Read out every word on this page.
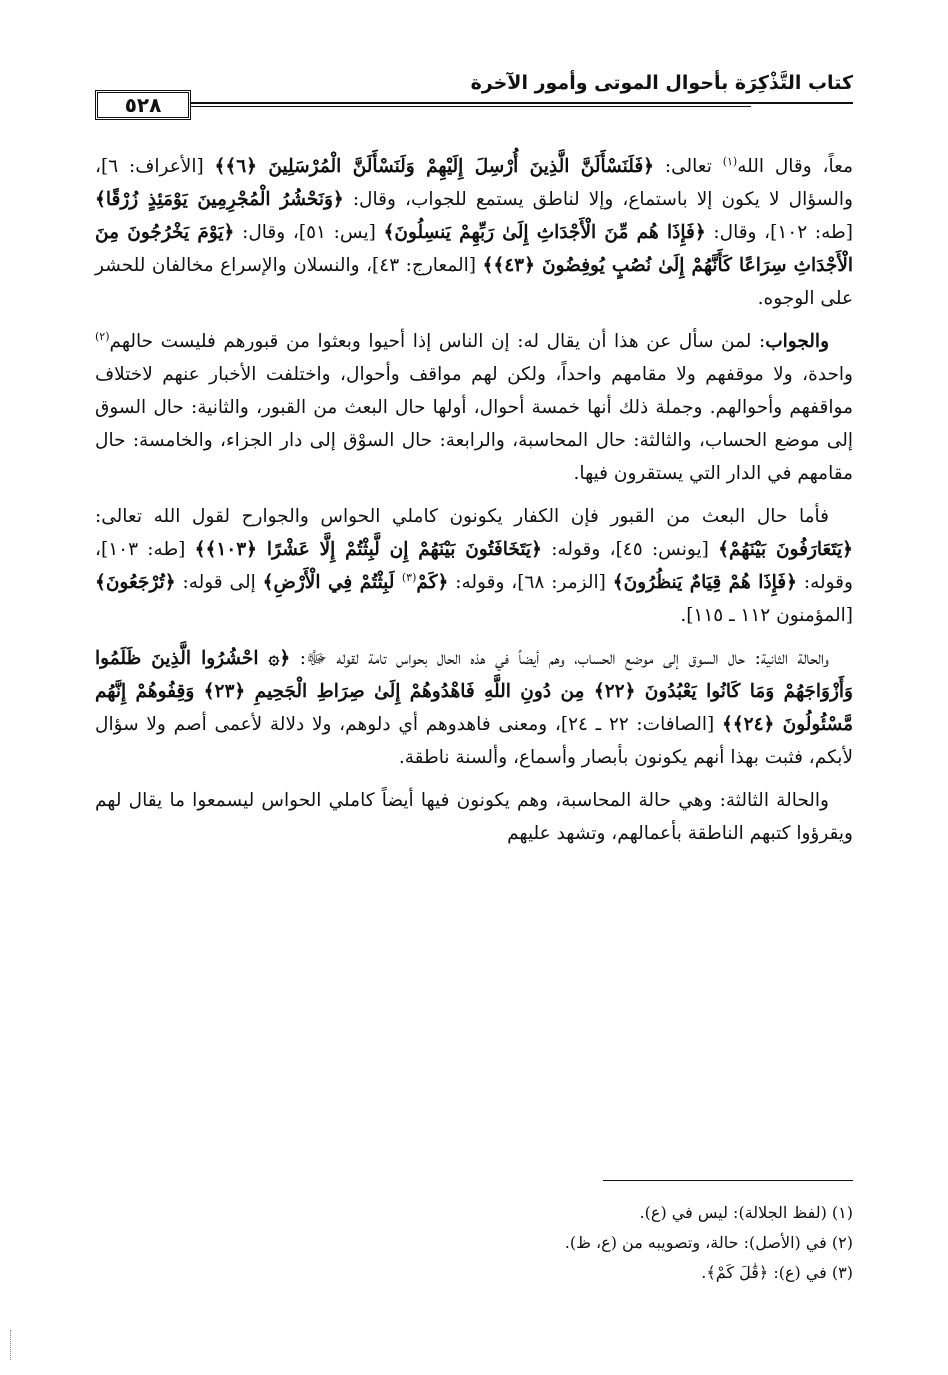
كتاب التَّذْكِرَة بأحوال الموتى وأمور الآخرة
٥٢٨

معاً، وقال الله$^{(١)}$ تعالى: ﴿فَلَنَسْأَلَنَّ الَّذِينَ أُرْسِلَ إِلَيْهِمْ وَلَنَسْأَلَنَّ الْمُرْسَلِينَ ﴿٦﴾﴾ [الأعراف: ٦]، والسؤال لا يكون إلا باستماع، وإلا لناطق يستمع للجواب، وقال: ﴿وَنَحْشُرُ الْمُجْرِمِينَ يَوْمَئِذٍ زُرْقًا﴾ [طه: ١٠٢]، وقال: ﴿فَإِذَا هُم مِّنَ الْأَجْدَاثِ إِلَىٰ رَبِّهِمْ يَنسِلُونَ﴾ [يس: ٥١]، وقال: ﴿يَوْمَ يَخْرُجُونَ مِنَ الْأَجْدَاثِ سِرَاعًا كَأَنَّهُمْ إِلَىٰ نُصُبٍ يُوفِضُونَ ﴿٤٣﴾﴾ [المعارج: ٤٣]، والنسلان والإسراع مخالفان للحشر على الوجوه.

والجواب: لمن سأل عن هذا أن يقال له: إن الناس إذا أحيوا وبعثوا من قبورهم فليست حالهم$^{(٢)}$ واحدة، ولا موقفهم ولا مقامهم واحداً، ولكن لهم مواقف وأحوال، واختلفت الأخبار عنهم لاختلاف مواقفهم وأحوالهم. وجملة ذلك أنها خمسة أحوال، أولها حال البعث من القبور، والثانية: حال السوق إلى موضع الحساب، والثالثة: حال المحاسبة، والرابعة: حال السوْق إلى دار الجزاء، والخامسة: حال مقامهم في الدار التي يستقرون فيها.

فأما حال البعث من القبور فإن الكفار يكونون كاملي الحواس والجوارح لقول الله تعالى: ﴿يَتَعَارَفُونَ بَيْنَهُمْ﴾ [يونس: ٤٥]، وقوله: ﴿يَتَخَافَتُونَ بَيْنَهُمْ إِن لَّبِثْتُمْ إِلَّا عَشْرًا ﴿١٠٣﴾﴾ [طه: ١٠٣]، وقوله: ﴿فَإِذَا هُمْ قِيَامٌ يَنظُرُونَ﴾ [الزمر: ٦٨]، وقوله: ﴿كَمْ$^{(٣)}$ لَبِثْتُمْ فِي الْأَرْضِ﴾ إلى قوله: ﴿تُرْجَعُونَ﴾ [المؤمنون ١١٢ ـ ١١٥].

والحالة الثانية: حال السوق إلى موضع الحساب، وهم أيضاً في هذه الحال بحواس تامة لقوله ﷻ: ﴿۞ احْشُرُوا الَّذِينَ ظَلَمُوا وَأَزْوَاجَهُمْ وَمَا كَانُوا يَعْبُدُونَ ﴿٢٢﴾ مِن دُونِ اللَّهِ فَاهْدُوهُمْ إِلَىٰ صِرَاطِ الْجَحِيمِ ﴿٢٣﴾ وَقِفُوهُمْ إِنَّهُم مَّسْئُولُونَ ﴿٢٤﴾﴾ [الصافات: ٢٢ ـ ٢٤]، ومعنى فاهدوهم أي دلوهم، ولا دلالة لأعمى أصم ولا سؤال لأبكم، فثبت بهذا أنهم يكونون بأبصار وأسماع، وألسنة ناطقة.

والحالة الثالثة: وهي حالة المحاسبة، وهم يكونون فيها أيضاً كاملي الحواس ليسمعوا ما يقال لهم ويقرؤوا كتبهم الناطقة بأعمالهم، وتشهد عليهم

(١) (لفظ الجلالة): ليس في (ع).
(٢) في (الأصل): حالة، وتصويبه من (ع، ظ).
(٣) في (ع): ﴿قَٰلَ كَمْ﴾.
